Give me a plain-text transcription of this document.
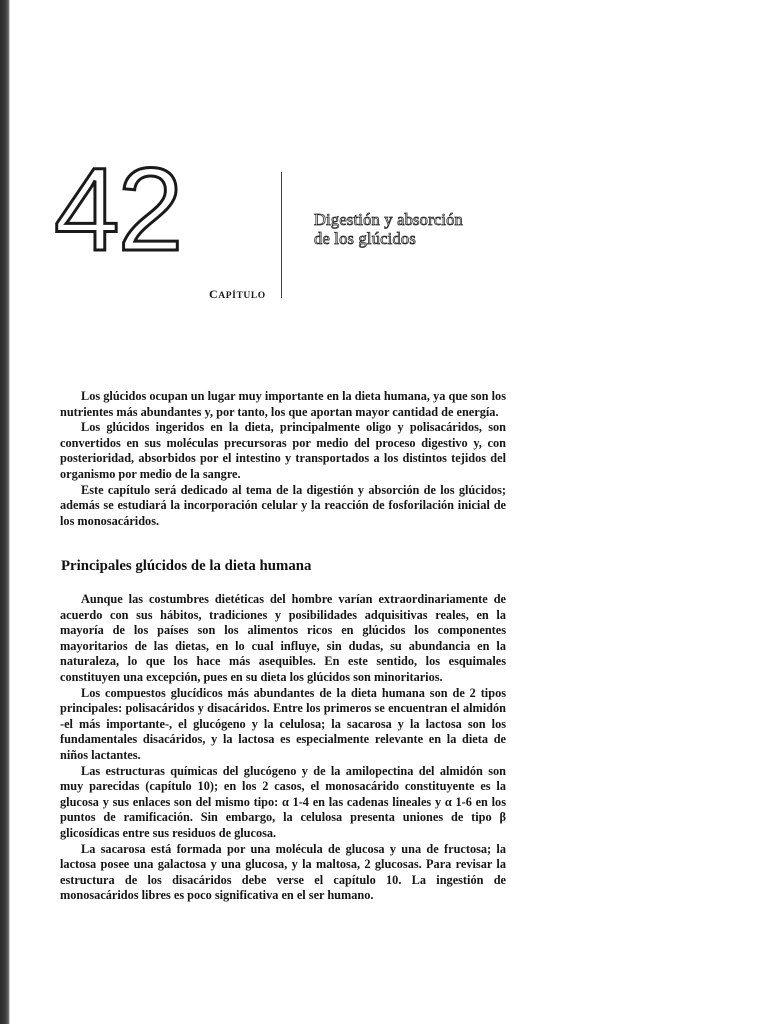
42
CAPÍTULO
Digestión y absorción
de los glúcidos

Los glúcidos ocupan un lugar muy importante en la dieta humana, ya que son los nutrientes más abundantes y, por tanto, los que aportan mayor cantidad de energía.

Los glúcidos ingeridos en la dieta, principalmente oligo y polisacáridos, son convertidos en sus moléculas precursoras por medio del proceso digestivo y, con posterioridad, absorbidos por el intestino y transportados a los distintos tejidos del organismo por medio de la sangre.

Este capítulo será dedicado al tema de la digestión y absorción de los glúcidos; además se estudiará la incorporación celular y la reacción de fosforilación inicial de los monosacáridos.

Principales glúcidos de la dieta humana

Aunque las costumbres dietéticas del hombre varían extraordinariamente de acuerdo con sus hábitos, tradiciones y posibilidades adquisitivas reales, en la mayoría de los países son los alimentos ricos en glúcidos los componentes mayoritarios de las dietas, en lo cual influye, sin dudas, su abundancia en la naturaleza, lo que los hace más asequibles. En este sentido, los esquimales constituyen una excepción, pues en su dieta los glúcidos son minoritarios.

Los compuestos glucídicos más abundantes de la dieta humana son de 2 tipos principales: polisacáridos y disacáridos. Entre los primeros se encuentran el almidón -el más importante-, el glucógeno y la celulosa; la sacarosa y la lactosa son los fundamentales disacáridos, y la lactosa es especialmente relevante en la dieta de niños lactantes.

Las estructuras químicas del glucógeno y de la amilopectina del almidón son muy parecidas (capítulo 10); en los 2 casos, el monosacárido constituyente es la glucosa y sus enlaces son del mismo tipo: α 1-4 en las cadenas lineales y α 1-6 en los puntos de ramificación. Sin embargo, la celulosa presenta uniones de tipo β glicosídicas entre sus residuos de glucosa.

La sacarosa está formada por una molécula de glucosa y una de fructosa; la lactosa posee una galactosa y una glucosa, y la maltosa, 2 glucosas. Para revisar la estructura de los disacáridos debe verse el capítulo 10. La ingestión de monosacáridos libres es poco significativa en el ser humano.
